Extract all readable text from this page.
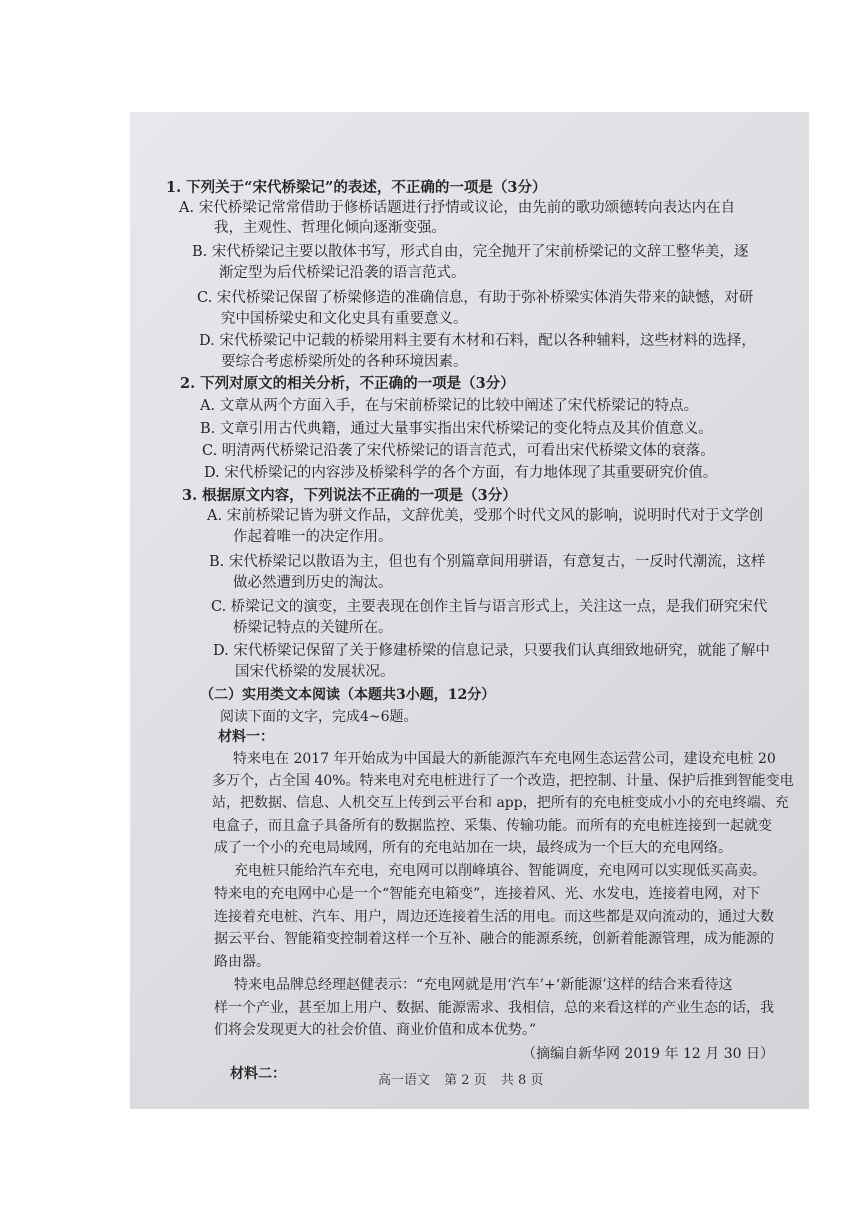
1. 下列关于“宋代桥梁记”的表述，不正确的一项是（3分）
A. 宋代桥梁记常常借助于修桥话题进行抒情或议论，由先前的歌功颂德转向表达内在自
我，主观性、哲理化倾向逐渐变强。
B. 宋代桥梁记主要以散体书写，形式自由，完全抛开了宋前桥梁记的文辞工整华美，逐
渐定型为后代桥梁记沿袭的语言范式。
C. 宋代桥梁记保留了桥梁修造的准确信息，有助于弥补桥梁实体消失带来的缺憾，对研
究中国桥梁史和文化史具有重要意义。
D. 宋代桥梁记中记载的桥梁用料主要有木材和石料，配以各种辅料，这些材料的选择，
要综合考虑桥梁所处的各种环境因素。
2. 下列对原文的相关分析，不正确的一项是（3分）
A. 文章从两个方面入手，在与宋前桥梁记的比较中阐述了宋代桥梁记的特点。
B. 文章引用古代典籍，通过大量事实指出宋代桥梁记的变化特点及其价值意义。
C. 明清两代桥梁记沿袭了宋代桥梁记的语言范式，可看出宋代桥梁文体的衰落。
D. 宋代桥梁记的内容涉及桥梁科学的各个方面，有力地体现了其重要研究价值。
3. 根据原文内容，下列说法不正确的一项是（3分）
A. 宋前桥梁记皆为骈文作品，文辞优美，受那个时代文风的影响，说明时代对于文学创
作起着唯一的决定作用。
B. 宋代桥梁记以散语为主，但也有个别篇章间用骈语，有意复古，一反时代潮流，这样
做必然遭到历史的淘汰。
C. 桥梁记文的演变，主要表现在创作主旨与语言形式上，关注这一点，是我们研究宋代
桥梁记特点的关键所在。
D. 宋代桥梁记保留了关于修建桥梁的信息记录，只要我们认真细致地研究，就能了解中
国宋代桥梁的发展状况。
（二）实用类文本阅读（本题共3小题，12分）
阅读下面的文字，完成4~6题。
材料一：
特来电在 2017 年开始成为中国最大的新能源汽车充电网生态运营公司，建设充电桩 20
多万个，占全国 40%。特来电对充电桩进行了一个改造，把控制、计量、保护后推到智能变电
站，把数据、信息、人机交互上传到云平台和 app，把所有的充电桩变成小小的充电终端、充
电盒子，而且盒子具备所有的数据监控、采集、传输功能。而所有的充电桩连接到一起就变
成了一个小的充电局域网，所有的充电站加在一块，最终成为一个巨大的充电网络。
充电桩只能给汽车充电，充电网可以削峰填谷、智能调度，充电网可以实现低买高卖。
特来电的充电网中心是一个“智能充电箱变”，连接着风、光、水发电，连接着电网，对下
连接着充电桩、汽车、用户，周边还连接着生活的用电。而这些都是双向流动的，通过大数
据云平台、智能箱变控制着这样一个互补、融合的能源系统，创新着能源管理，成为能源的
路由器。
特来电品牌总经理赵健表示：“充电网就是用‘汽车’+‘新能源’这样的结合来看待这
样一个产业，甚至加上用户、数据、能源需求、我相信，总的来看这样的产业生态的话，我
们将会发现更大的社会价值、商业价值和成本优势。”
（摘编自新华网 2019 年 12 月 30 日）
材料二：	高一语文 第 2 页 共 8 页
